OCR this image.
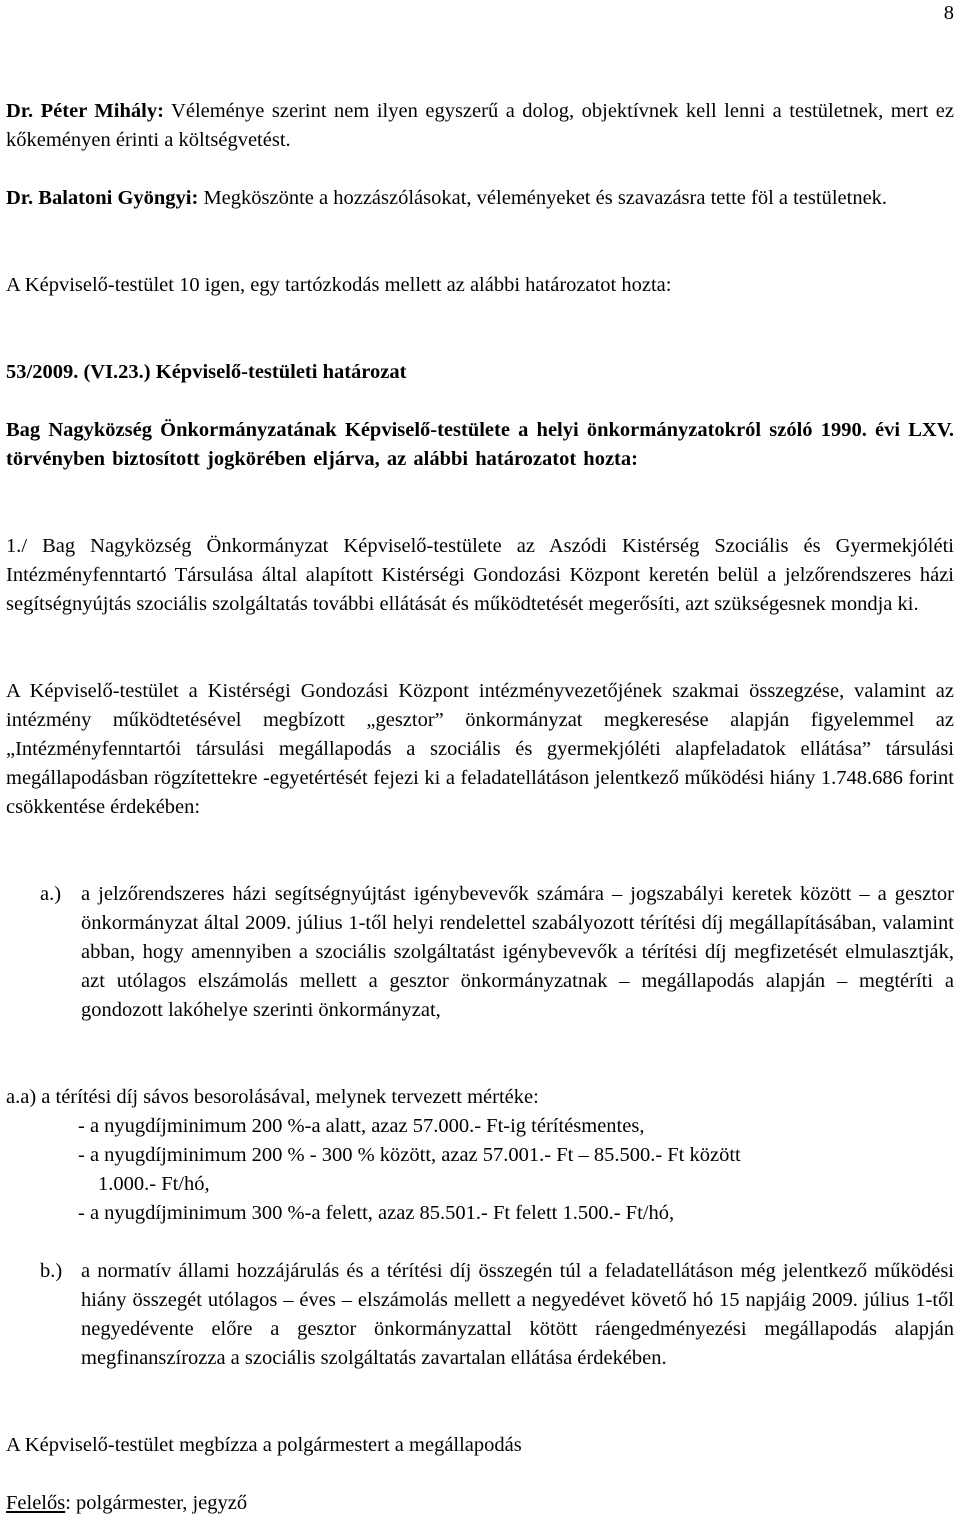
8

Dr. Péter Mihály: Véleménye szerint nem ilyen egyszerű a dolog, objektívnek kell lenni a testületnek, mert ez kőkeményen érinti a költségvetést.

Dr. Balatoni Gyöngyi: Megköszönte a hozzászólásokat, véleményeket és szavazásra tette föl a testületnek.

A Képviselő-testület 10 igen, egy tartózkodás mellett az alábbi határozatot hozta:

53/2009. (VI.23.) Képviselő-testületi határozat

Bag Nagyközség Önkormányzatának Képviselő-testülete a helyi önkormányzatokról szóló 1990. évi LXV. törvényben biztosított jogkörében eljárva, az alábbi határozatot hozta:

1./ Bag Nagyközség Önkormányzat Képviselő-testülete az Aszódi Kistérség Szociális és Gyermekjóléti Intézményfenntartó Társulása által alapított Kistérségi Gondozási Központ keretén belül a jelzőrendszeres házi segítségnyújtás szociális szolgáltatás további ellátását és működtetését megerősíti, azt szükségesnek mondja ki.

A Képviselő-testület a Kistérségi Gondozási Központ intézményvezetőjének szakmai összegzése, valamint az intézmény működtetésével megbízott „gesztor” önkormányzat megkeresése alapján figyelemmel az „Intézményfenntartói társulási megállapodás a szociális és gyermekjóléti alapfeladatok ellátása” társulási megállapodásban rögzítettekre -egyetértését fejezi ki a feladatellátáson jelentkező működési hiány 1.748.686 forint csökkentése érdekében:

a.) a jelzőrendszeres házi segítségnyújtást igénybevevők számára – jogszabályi keretek között – a gesztor önkormányzat által 2009. július 1-től helyi rendelettel szabályozott térítési díj megállapításában, valamint abban, hogy amennyiben a szociális szolgáltatást igénybevevők a térítési díj megfizetését elmulasztják, azt utólagos elszámolás mellett a gesztor önkormányzatnak – megállapodás alapján – megtéríti a gondozott lakóhelye szerinti önkormányzat,

a.a) a térítési díj sávos besorolásával, melynek tervezett mértéke:

- a nyugdíjminimum 200 %-a alatt, azaz 57.000.- Ft-ig térítésmentes,

- a nyugdíjminimum 200 % - 300 % között, azaz 57.001.- Ft – 85.500.- Ft között

1.000.- Ft/hó,

- a nyugdíjminimum 300 %-a felett, azaz 85.501.- Ft felett 1.500.- Ft/hó,

b.) a normatív állami hozzájárulás és a térítési díj összegén túl a feladatellátáson még jelentkező működési hiány összegét utólagos – éves – elszámolás mellett a negyedévet követő hó 15 napjáig 2009. július 1-től negyedévente előre a gesztor önkormányzattal kötött ráengedményezési megállapodás alapján megfinanszírozza a szociális szolgáltatás zavartalan ellátása érdekében.

A Képviselő-testület megbízza a polgármestert a megállapodás

Felelős: polgármester, jegyző
